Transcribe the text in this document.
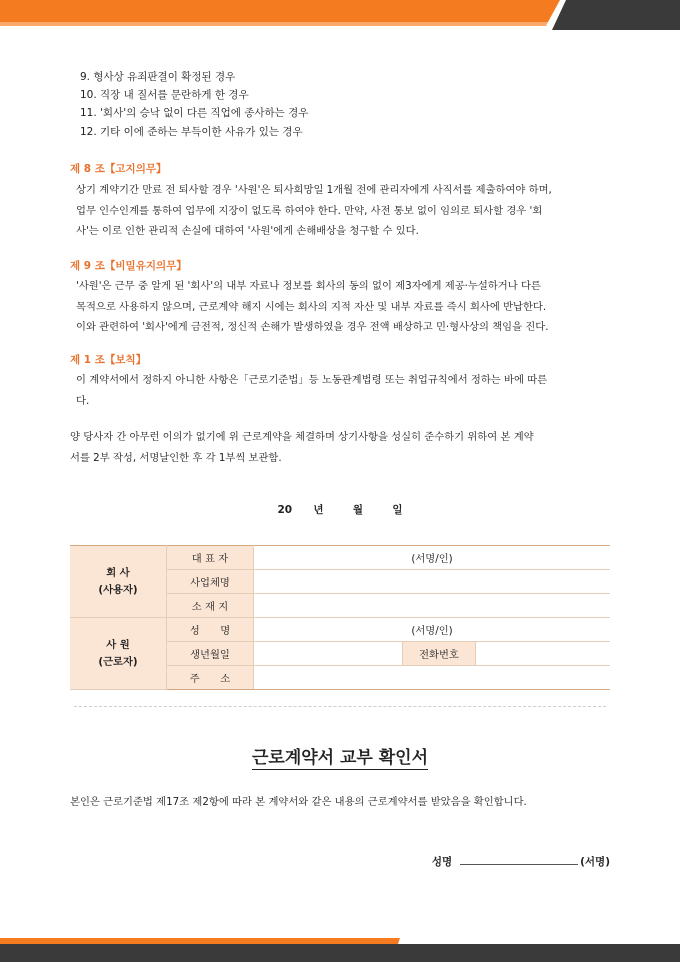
9. 형사상 유죄판결이 확정된 경우
10. 직장 내 질서를 문란하게 한 경우
11. '회사'의 승낙 없이 다른 직업에 종사하는 경우
12. 기타 이에 준하는 부득이한 사유가 있는 경우
제 8 조【고지의무】
상기 계약기간 만료 전 퇴사할 경우 '사원'은 퇴사희망일 1개월 전에 관리자에게 사직서를 제출하여야 하며,
업무 인수인계를 통하여 업무에 지장이 없도록 하여야 한다. 만약, 사전 통보 없이 임의로 퇴사할 경우 '회
사'는 이로 인한 관리적 손실에 대하여 '사원'에게 손해배상을 청구할 수 있다.
제 9 조【비밀유지의무】
'사원'은 근무 중 알게 된 '회사'의 내부 자료나 정보를 회사의 동의 없이 제3자에게 제공·누설하거나 다른
목적으로 사용하지 않으며, 근로계약 해지 시에는 회사의 지적 자산 및 내부 자료를 즉시 회사에 반납한다.
이와 관련하여 '회사'에게 금전적, 정신적 손해가 발생하였을 경우 전액 배상하고 민·형사상의 책임을 진다.
제 1 조【보칙】
이 계약서에서 정하지 아니한 사항은「근로기준법」등 노동관계법령 또는 취업규칙에서 정하는 바에 따른
다.
양 당사자 간 아무런 이의가 없기에 위 근로계약을 체결하며 상기사항을 성실히 준수하기 위하여 본 계약
서를 2부 작성, 서명날인한 후 각 1부씩 보관함.
20 년	월	일
회 사
(사용자)	대 표 자	(서명/인)		
	사업체명			
	소 재 지			

사 원
(근로자)	성　　명	(서명/인)		
	생년월일		전화번호	
	주　　소			
근로계약서 교부 확인서
본인은 근로기준법 제17조 제2항에 따라 본 계약서와 같은 내용의 근로계약서를 받았음을 확인합니다.
성명	(서명)
